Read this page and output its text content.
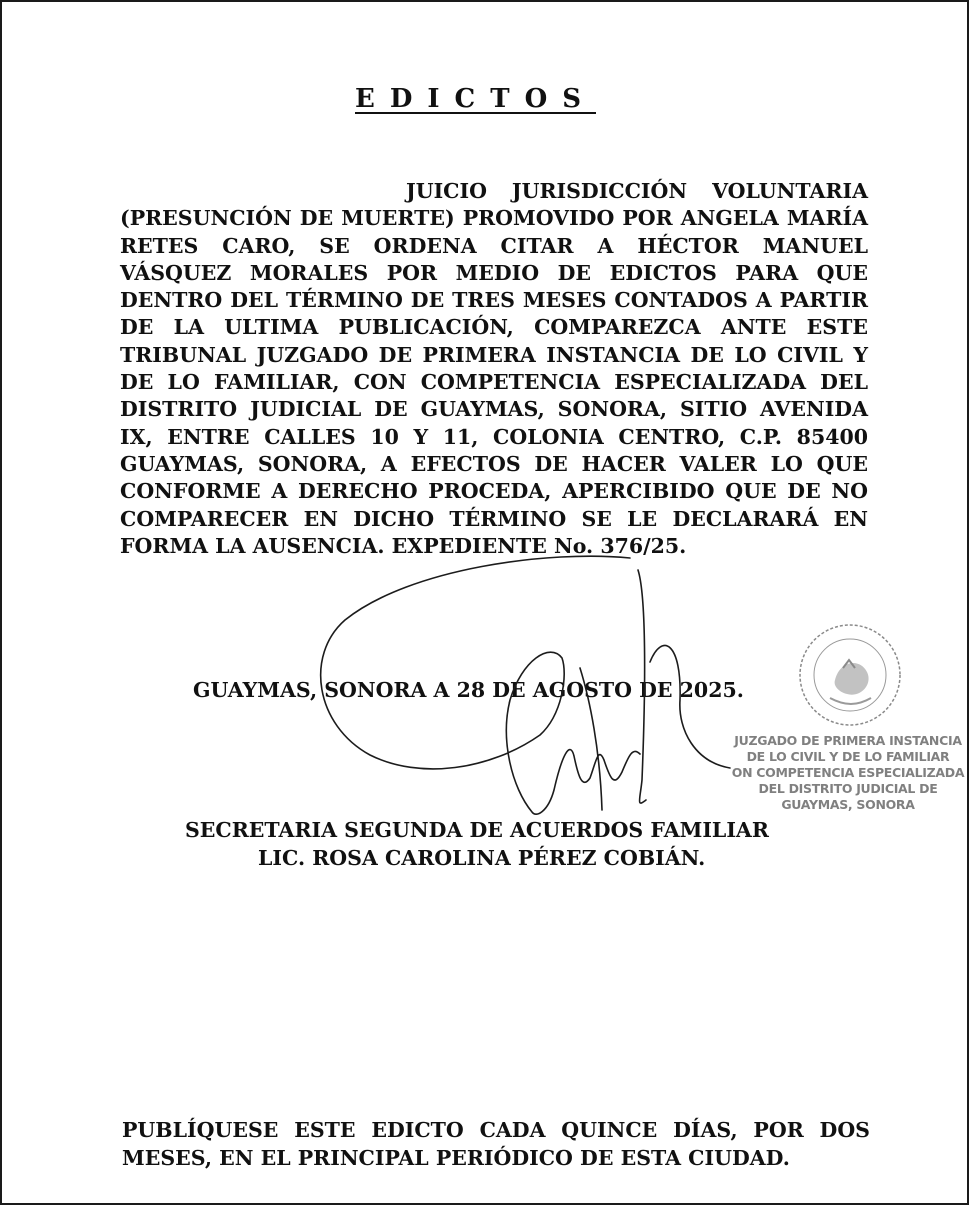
EDICTOS

JUICIO JURISDICCIÓN VOLUNTARIA (PRESUNCIÓN DE MUERTE) PROMOVIDO POR ANGELA MARÍA RETES CARO, SE ORDENA CITAR A HÉCTOR MANUEL VÁSQUEZ MORALES POR MEDIO DE EDICTOS PARA QUE DENTRO DEL TÉRMINO DE TRES MESES CONTADOS A PARTIR DE LA ULTIMA PUBLICACIÓN, COMPAREZCA ANTE ESTE TRIBUNAL JUZGADO DE PRIMERA INSTANCIA DE LO CIVIL Y DE LO FAMILIAR, CON COMPETENCIA ESPECIALIZADA DEL DISTRITO JUDICIAL DE GUAYMAS, SONORA, SITIO AVENIDA IX, ENTRE CALLES 10 Y 11, COLONIA CENTRO, C.P. 85400 GUAYMAS, SONORA, A EFECTOS DE HACER VALER LO QUE CONFORME A DERECHO PROCEDA, APERCIBIDO QUE DE NO COMPARECER EN DICHO TÉRMINO SE LE DECLARARÁ EN FORMA LA AUSENCIA. EXPEDIENTE No. 376/25.

GUAYMAS, SONORA A 28 DE AGOSTO DE 2025.

JUZGADO DE PRIMERA INSTANCIA
DE LO CIVIL Y DE LO FAMILIAR
ON COMPETENCIA ESPECIALIZADA
DEL DISTRITO JUDICIAL DE
GUAYMAS, SONORA

SECRETARIA SEGUNDA DE ACUERDOS FAMILIAR

LIC. ROSA CAROLINA PÉREZ COBIÁN.

PUBLÍQUESE ESTE EDICTO CADA QUINCE DÍAS, POR DOS MESES, EN EL PRINCIPAL PERIÓDICO DE ESTA CIUDAD.
